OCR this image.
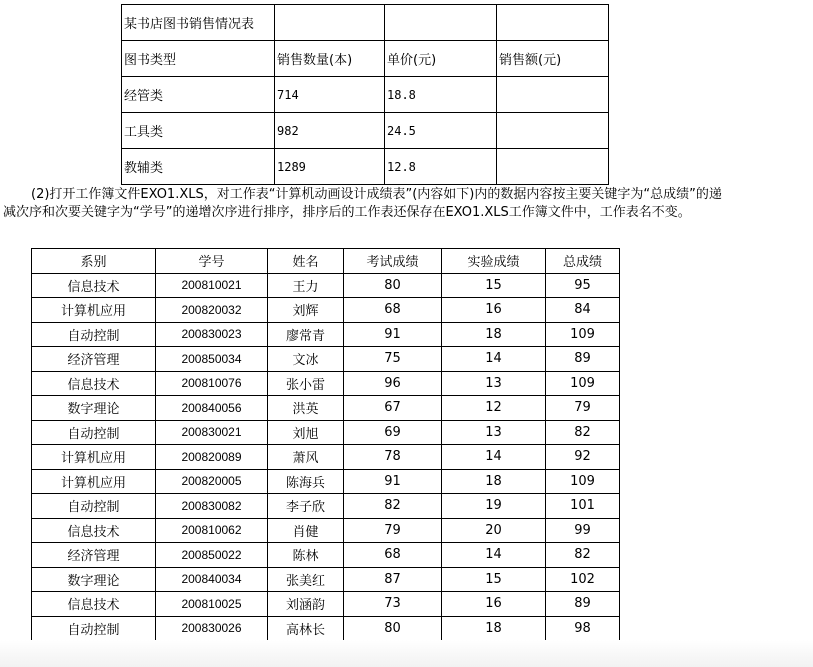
某书店图书销售情况表			
图书类型	销售数量(本)	单价(元)	销售额(元)
经管类	714	18.8	
工具类	982	24.5	
教辅类	1289	12.8	

(2)打开工作簿文件EXO1.XLS，对工作表“计算机动画设计成绩表”(内容如下)内的数据内容按主要关键字为“总成绩”的递减次序和次要关键字为“学号”的递增次序进行排序，排序后的工作表还保存在EXO1.XLS工作簿文件中，工作表名不变。

系别	学号	姓名	考试成绩	实验成绩	总成绩
信息技术	200810021	王力	80	15	95
计算机应用	200820032	刘辉	68	16	84
自动控制	200830023	廖常青	91	18	109
经济管理	200850034	文冰	75	14	89
信息技术	200810076	张小雷	96	13	109
数字理论	200840056	洪英	67	12	79
自动控制	200830021	刘旭	69	13	82
计算机应用	200820089	萧风	78	14	92
计算机应用	200820005	陈海兵	91	18	109
自动控制	200830082	李子欣	82	19	101
信息技术	200810062	肖健	79	20	99
经济管理	200850022	陈林	68	14	82
数字理论	200840034	张美红	87	15	102
信息技术	200810025	刘涵韵	73	16	89
自动控制	200830026	高林长	80	18	98
